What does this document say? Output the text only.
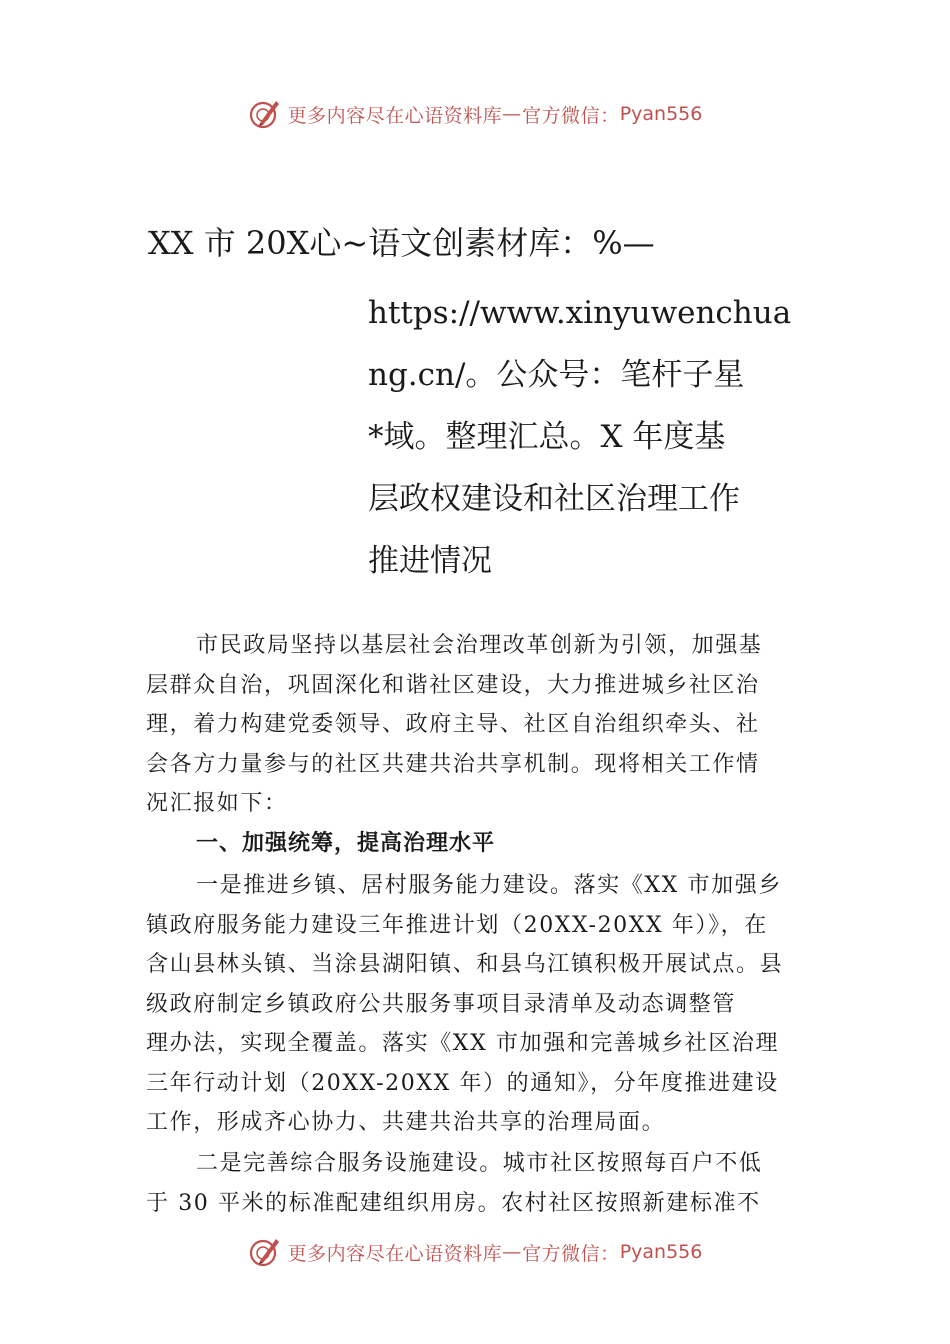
更多内容尽在心语资料库 — 官方微信： Pyan556
XX 市 20X心~语文创素材库：%—
https://www.xinyuwenchua
ng.cn/。公众号：笔杆子星
*域。整理汇总。X 年度基
层政权建设和社区治理工作
推进情况
市民政局坚持以基层社会治理改革创新为引领，加强基
层群众自治，巩固深化和谐社区建设，大力推进城乡社区治
理，着力构建党委领导、政府主导、社区自治组织牵头、社
会各方力量参与的社区共建共治共享机制。现将相关工作情
况汇报如下：
一、加强统筹，提高治理水平
一是推进乡镇、居村服务能力建设。落实《XX 市加强乡
镇政府服务能力建设三年推进计划（20XX-20XX 年）》，在
含山县林头镇、当涂县湖阳镇、和县乌江镇积极开展试点。县
级政府制定乡镇政府公共服务事项目录清单及动态调整管
理办法，实现全覆盖。落实《XX 市加强和完善城乡社区治理
三年行动计划（20XX-20XX 年）的通知》，分年度推进建设
工作，形成齐心协力、共建共治共享的治理局面。
二是完善综合服务设施建设。城市社区按照每百户不低
于 30 平米的标准配建组织用房。农村社区按照新建标准不
更多内容尽在心语资料库 — 官方微信： Pyan556
